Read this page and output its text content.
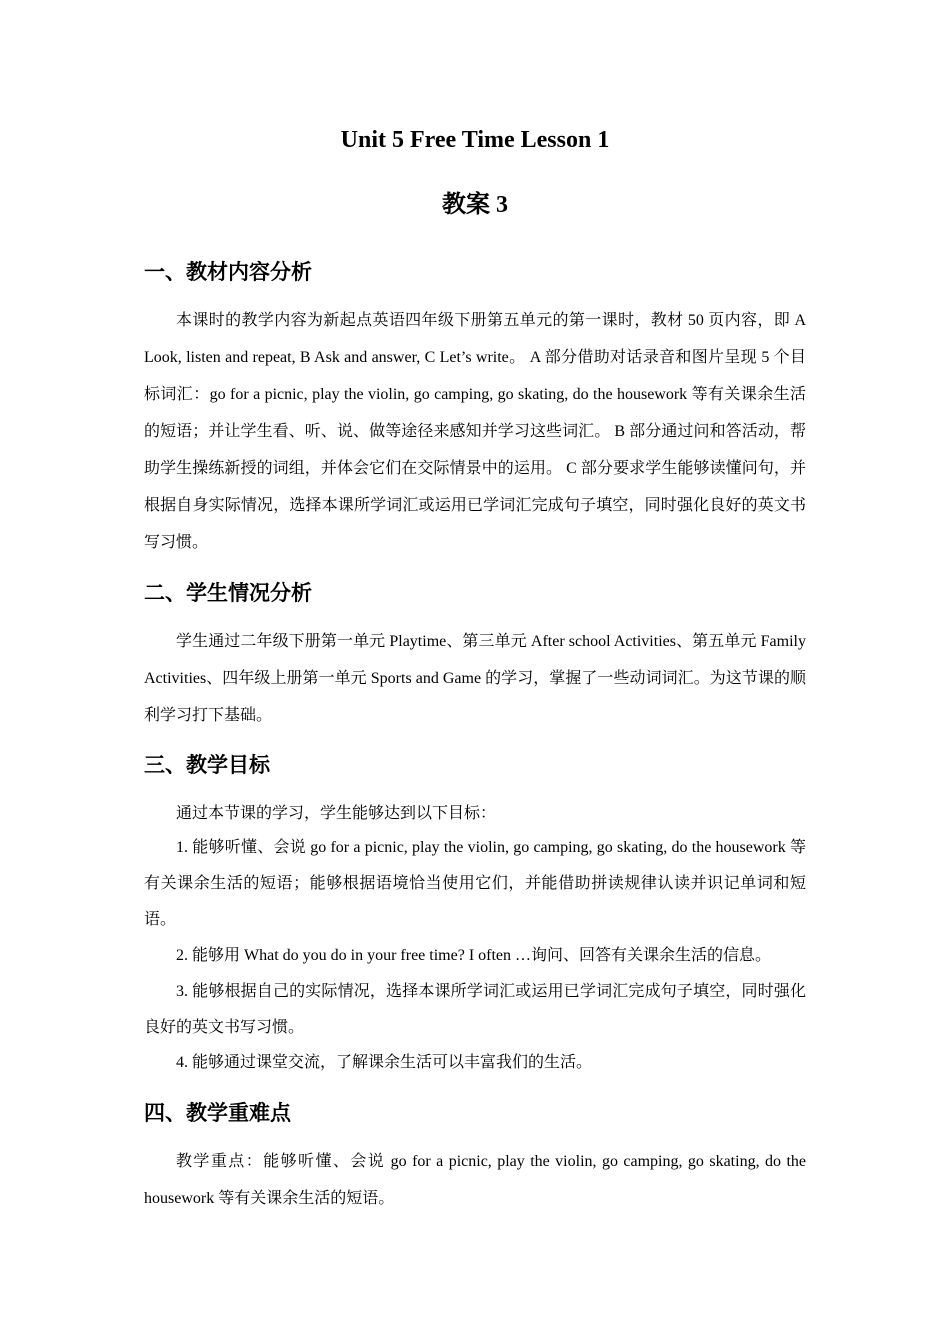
Unit 5 Free Time Lesson 1
教案 3
一、教材内容分析
本课时的教学内容为新起点英语四年级下册第五单元的第一课时，教材 50 页内容，即 A Look, listen and repeat, B Ask and answer, C Let’s write。 A 部分借助对话录音和图片呈现 5 个目标词汇：go for a picnic, play the violin, go camping, go skating, do the housework 等有关课余生活的短语；并让学生看、听、说、做等途径来感知并学习这些词汇。 B 部分通过问和答活动，帮助学生操练新授的词组，并体会它们在交际情景中的运用。 C 部分要求学生能够读懂问句，并根据自身实际情况，选择本课所学词汇或运用已学词汇完成句子填空，同时强化良好的英文书写习惯。
二、学生情况分析
学生通过二年级下册第一单元 Playtime、第三单元 After school Activities、第五单元 Family Activities、四年级上册第一单元 Sports and Game 的学习，掌握了一些动词词汇。为这节课的顺利学习打下基础。
三、教学目标
通过本节课的学习，学生能够达到以下目标：
1. 能够听懂、会说 go for a picnic, play the violin, go camping, go skating, do the housework 等有关课余生活的短语；能够根据语境恰当使用它们，并能借助拼读规律认读并识记单词和短语。
2. 能够用 What do you do in your free time? I often …询问、回答有关课余生活的信息。
3. 能够根据自己的实际情况，选择本课所学词汇或运用已学词汇完成句子填空，同时强化良好的英文书写习惯。
4. 能够通过课堂交流，了解课余生活可以丰富我们的生活。
四、教学重难点
教学重点：能够听懂、会说 go for a picnic, play the violin, go camping, go skating, do the housework 等有关课余生活的短语。
